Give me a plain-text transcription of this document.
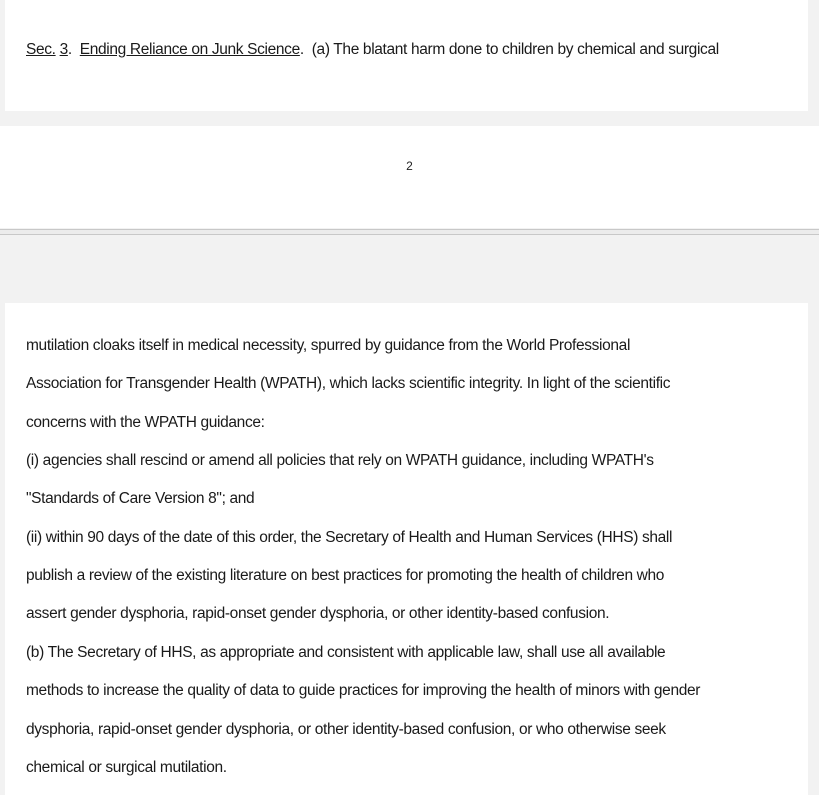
Sec. 3. Ending Reliance on Junk Science. (a) The blatant harm done to children by chemical and surgical
2
mutilation cloaks itself in medical necessity, spurred by guidance from the World Professional
Association for Transgender Health (WPATH), which lacks scientific integrity. In light of the scientific
concerns with the WPATH guidance:
(i) agencies shall rescind or amend all policies that rely on WPATH guidance, including WPATH's
"Standards of Care Version 8"; and
(ii) within 90 days of the date of this order, the Secretary of Health and Human Services (HHS) shall
publish a review of the existing literature on best practices for promoting the health of children who
assert gender dysphoria, rapid-onset gender dysphoria, or other identity-based confusion.
(b) The Secretary of HHS, as appropriate and consistent with applicable law, shall use all available
methods to increase the quality of data to guide practices for improving the health of minors with gender
dysphoria, rapid-onset gender dysphoria, or other identity-based confusion, or who otherwise seek
chemical or surgical mutilation.
